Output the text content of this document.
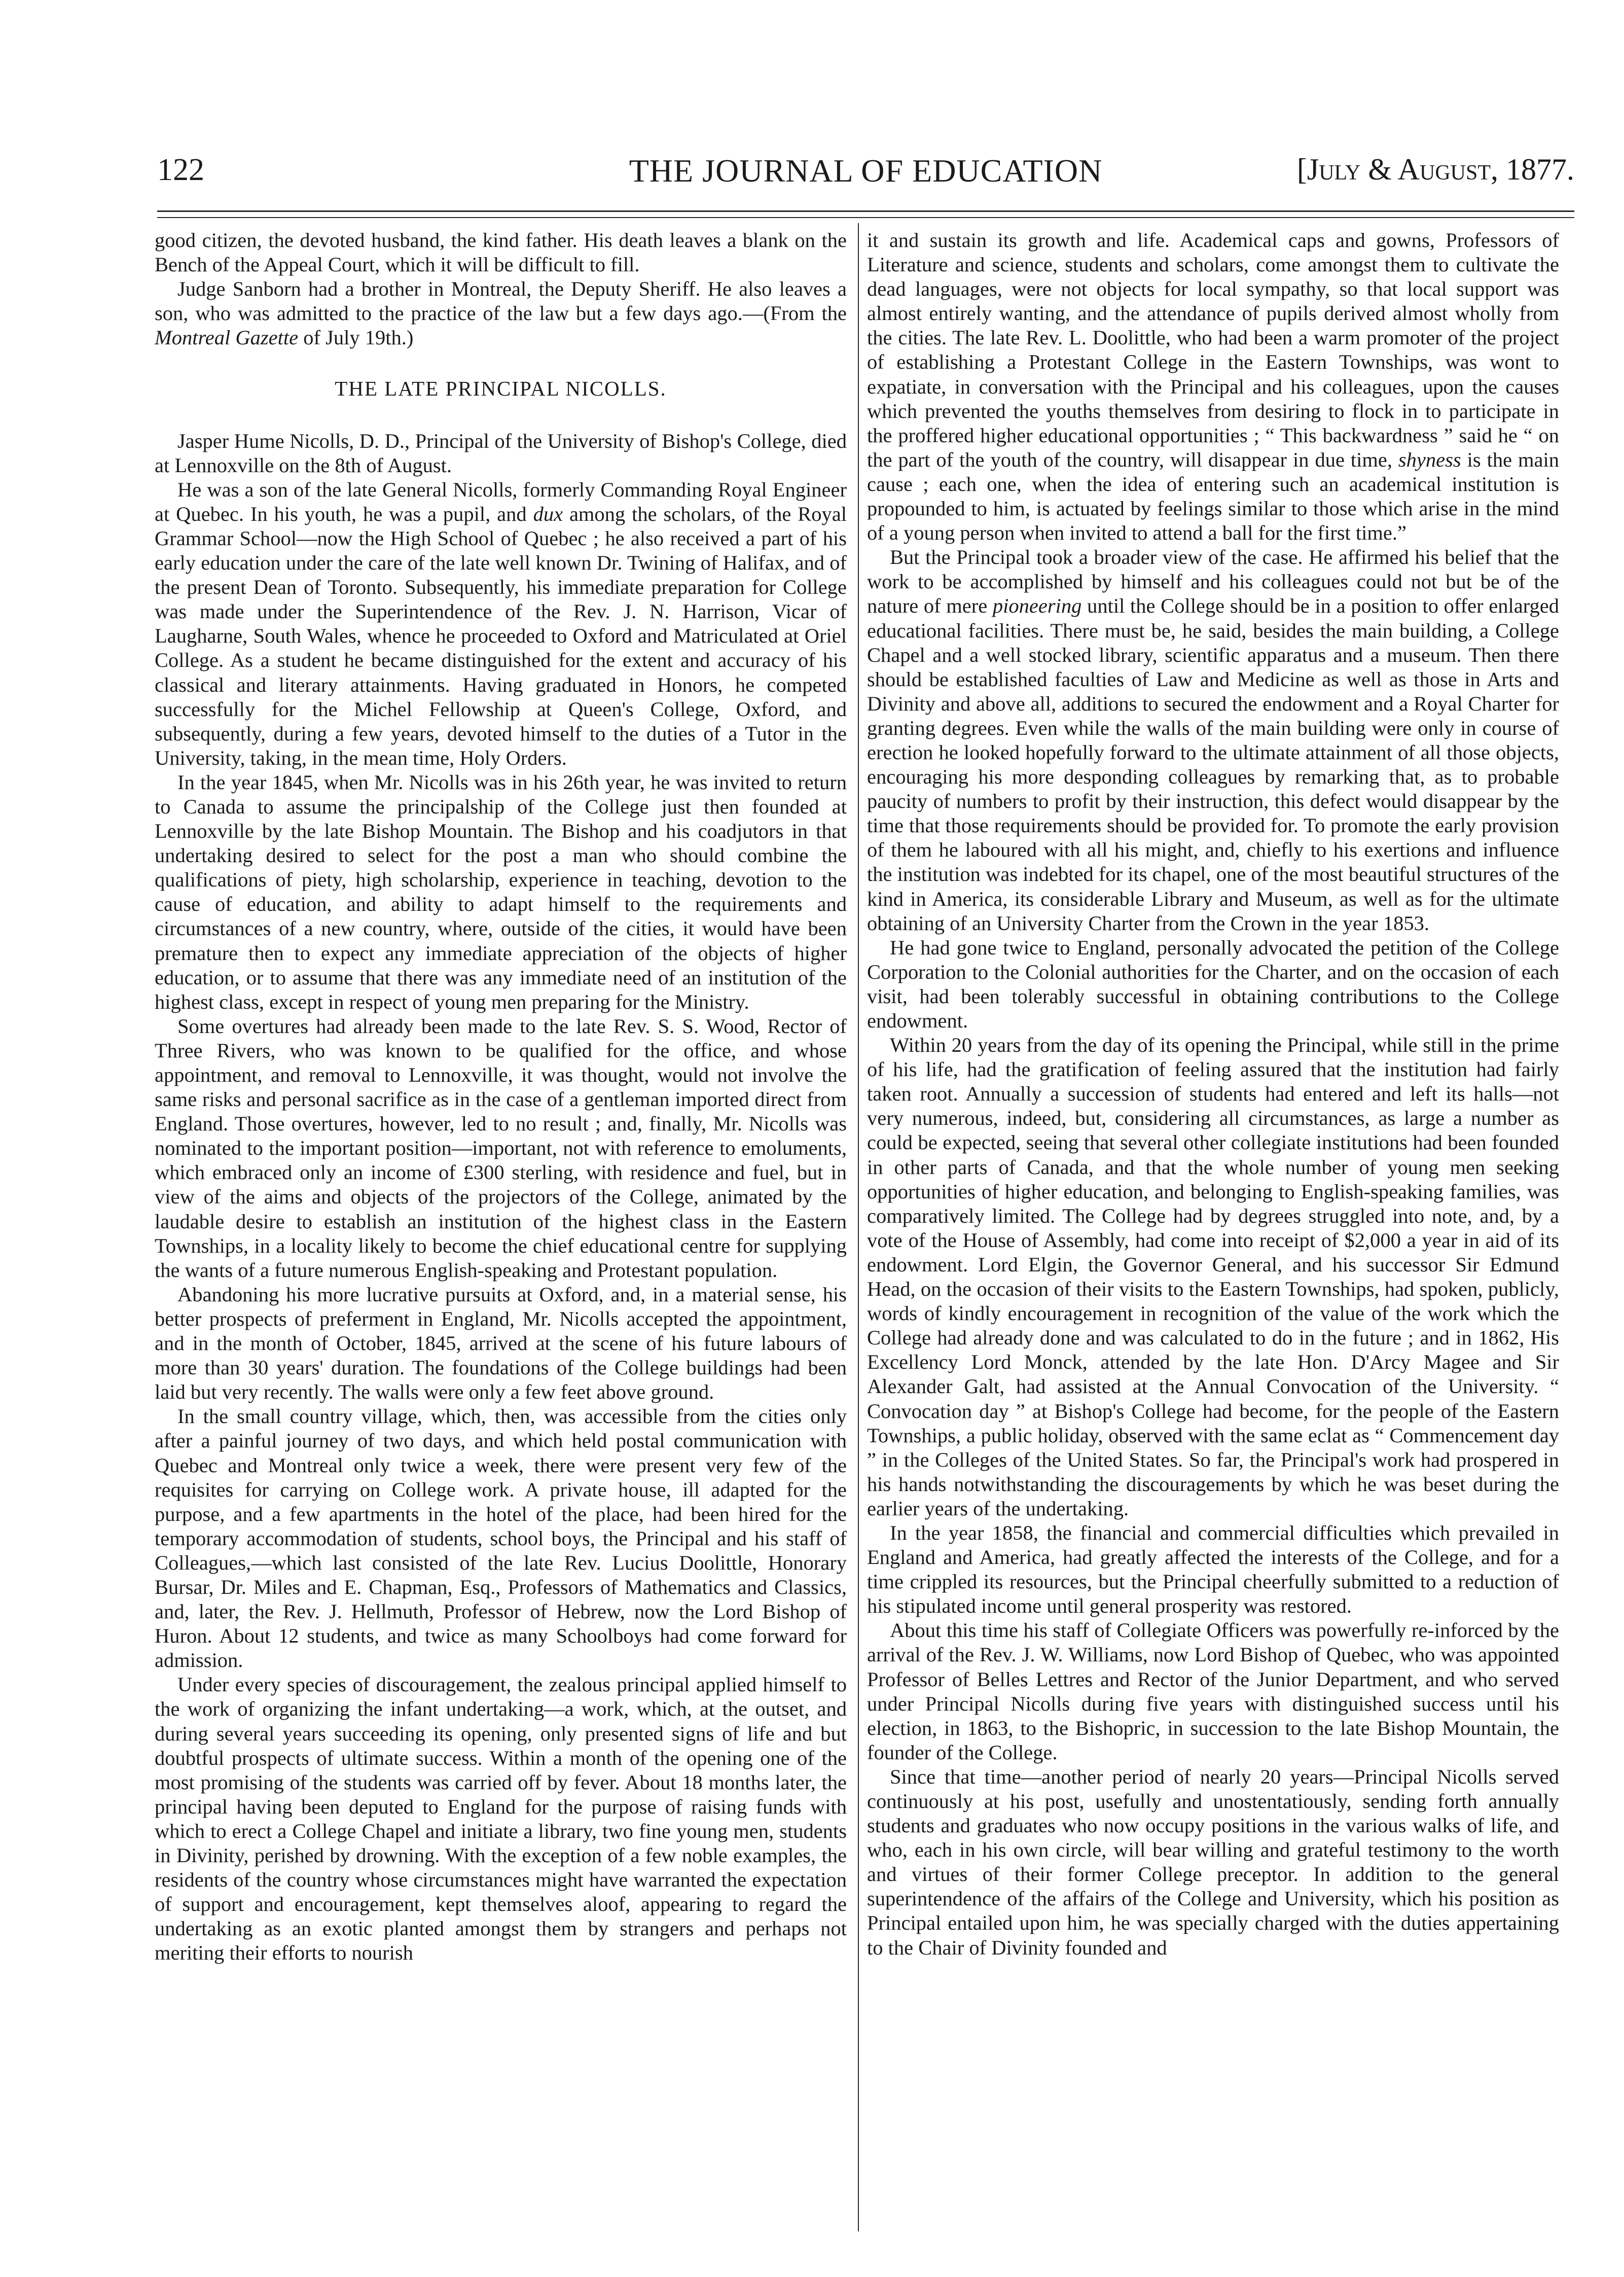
122	THE JOURNAL OF EDUCATION	[July & August, 1877.

good citizen, the devoted husband, the kind father. His death leaves a blank on the Bench of the Appeal Court, which it will be difficult to fill.

Judge Sanborn had a brother in Montreal, the Deputy Sheriff. He also leaves a son, who was admitted to the practice of the law but a few days ago.—(From the Montreal Gazette of July 19th.)

THE LATE PRINCIPAL NICOLLS.

Jasper Hume Nicolls, D. D., Principal of the University of Bishop's College, died at Lennoxville on the 8th of August.

He was a son of the late General Nicolls, formerly Commanding Royal Engineer at Quebec. In his youth, he was a pupil, and dux among the scholars, of the Royal Grammar School—now the High School of Quebec ; he also received a part of his early education under the care of the late well known Dr. Twining of Halifax, and of the present Dean of Toronto. Subsequently, his immediate preparation for College was made under the Superintendence of the Rev. J. N. Harrison, Vicar of Laugharne, South Wales, whence he proceeded to Oxford and Matriculated at Oriel College. As a student he became distinguished for the extent and accuracy of his classical and literary attainments. Having graduated in Honors, he competed successfully for the Michel Fellowship at Queen's College, Oxford, and subsequently, during a few years, devoted himself to the duties of a Tutor in the University, taking, in the mean time, Holy Orders.

In the year 1845, when Mr. Nicolls was in his 26th year, he was invited to return to Canada to assume the principalship of the College just then founded at Lennoxville by the late Bishop Mountain. The Bishop and his coadjutors in that undertaking desired to select for the post a man who should combine the qualifications of piety, high scholarship, experience in teaching, devotion to the cause of education, and ability to adapt himself to the requirements and circumstances of a new country, where, outside of the cities, it would have been premature then to expect any immediate appreciation of the objects of higher education, or to assume that there was any immediate need of an institution of the highest class, except in respect of young men preparing for the Ministry.

Some overtures had already been made to the late Rev. S. S. Wood, Rector of Three Rivers, who was known to be qualified for the office, and whose appointment, and removal to Lennoxville, it was thought, would not involve the same risks and personal sacrifice as in the case of a gentleman imported direct from England. Those overtures, however, led to no result ; and, finally, Mr. Nicolls was nominated to the important position—important, not with reference to emoluments, which embraced only an income of £300 sterling, with residence and fuel, but in view of the aims and objects of the projectors of the College, animated by the laudable desire to establish an institution of the highest class in the Eastern Townships, in a locality likely to become the chief educational centre for supplying the wants of a future numerous English-speaking and Protestant population.

Abandoning his more lucrative pursuits at Oxford, and, in a material sense, his better prospects of preferment in England, Mr. Nicolls accepted the appointment, and in the month of October, 1845, arrived at the scene of his future labours of more than 30 years' duration. The foundations of the College buildings had been laid but very recently. The walls were only a few feet above ground.

In the small country village, which, then, was accessible from the cities only after a painful journey of two days, and which held postal communication with Quebec and Montreal only twice a week, there were present very few of the requisites for carrying on College work. A private house, ill adapted for the purpose, and a few apartments in the hotel of the place, had been hired for the temporary accommodation of students, school boys, the Principal and his staff of Colleagues,—which last consisted of the late Rev. Lucius Doolittle, Honorary Bursar, Dr. Miles and E. Chapman, Esq., Professors of Mathematics and Classics, and, later, the Rev. J. Hellmuth, Professor of Hebrew, now the Lord Bishop of Huron. About 12 students, and twice as many Schoolboys had come forward for admission.

Under every species of discouragement, the zealous principal applied himself to the work of organizing the infant undertaking—a work, which, at the outset, and during several years succeeding its opening, only presented signs of life and but doubtful prospects of ultimate success. Within a month of the opening one of the most promising of the students was carried off by fever. About 18 months later, the principal having been deputed to England for the purpose of raising funds with which to erect a College Chapel and initiate a library, two fine young men, students in Divinity, perished by drowning. With the exception of a few noble examples, the residents of the country whose circumstances might have warranted the expectation of support and encouragement, kept themselves aloof, appearing to regard the undertaking as an exotic planted amongst them by strangers and perhaps not meriting their efforts to nourish

it and sustain its growth and life. Academical caps and gowns, Professors of Literature and science, students and scholars, come amongst them to cultivate the dead languages, were not objects for local sympathy, so that local support was almost entirely wanting, and the attendance of pupils derived almost wholly from the cities. The late Rev. L. Doolittle, who had been a warm promoter of the project of establishing a Protestant College in the Eastern Townships, was wont to expatiate, in conversation with the Principal and his colleagues, upon the causes which prevented the youths themselves from desiring to flock in to participate in the proffered higher educational opportunities ; “ This backwardness ” said he “ on the part of the youth of the country, will disappear in due time, shyness is the main cause ; each one, when the idea of entering such an academical institution is propounded to him, is actuated by feelings similar to those which arise in the mind of a young person when invited to attend a ball for the first time.”

But the Principal took a broader view of the case. He affirmed his belief that the work to be accomplished by himself and his colleagues could not but be of the nature of mere pioneering until the College should be in a position to offer enlarged educational facilities. There must be, he said, besides the main building, a College Chapel and a well stocked library, scientific apparatus and a museum. Then there should be established faculties of Law and Medicine as well as those in Arts and Divinity and above all, additions to secured the endowment and a Royal Charter for granting degrees. Even while the walls of the main building were only in course of erection he looked hopefully forward to the ultimate attainment of all those objects, encouraging his more desponding colleagues by remarking that, as to probable paucity of numbers to profit by their instruction, this defect would disappear by the time that those requirements should be provided for. To promote the early provision of them he laboured with all his might, and, chiefly to his exertions and influence the institution was indebted for its chapel, one of the most beautiful structures of the kind in America, its considerable Library and Museum, as well as for the ultimate obtaining of an University Charter from the Crown in the year 1853.

He had gone twice to England, personally advocated the petition of the College Corporation to the Colonial authorities for the Charter, and on the occasion of each visit, had been tolerably successful in obtaining contributions to the College endowment.

Within 20 years from the day of its opening the Principal, while still in the prime of his life, had the gratification of feeling assured that the institution had fairly taken root. Annually a succession of students had entered and left its halls—not very numerous, indeed, but, considering all circumstances, as large a number as could be expected, seeing that several other collegiate institutions had been founded in other parts of Canada, and that the whole number of young men seeking opportunities of higher education, and belonging to English-speaking families, was comparatively limited. The College had by degrees struggled into note, and, by a vote of the House of Assembly, had come into receipt of $2,000 a year in aid of its endowment. Lord Elgin, the Governor General, and his successor Sir Edmund Head, on the occasion of their visits to the Eastern Townships, had spoken, publicly, words of kindly encouragement in recognition of the value of the work which the College had already done and was calculated to do in the future ; and in 1862, His Excellency Lord Monck, attended by the late Hon. D'Arcy Magee and Sir Alexander Galt, had assisted at the Annual Convocation of the University. “ Convocation day ” at Bishop's College had become, for the people of the Eastern Townships, a public holiday, observed with the same eclat as “ Commencement day ” in the Colleges of the United States. So far, the Principal's work had prospered in his hands notwithstanding the discouragements by which he was beset during the earlier years of the undertaking.

In the year 1858, the financial and commercial difficulties which prevailed in England and America, had greatly affected the interests of the College, and for a time crippled its resources, but the Principal cheerfully submitted to a reduction of his stipulated income until general prosperity was restored.

About this time his staff of Collegiate Officers was powerfully re-inforced by the arrival of the Rev. J. W. Williams, now Lord Bishop of Quebec, who was appointed Professor of Belles Lettres and Rector of the Junior Department, and who served under Principal Nicolls during five years with distinguished success until his election, in 1863, to the Bishopric, in succession to the late Bishop Mountain, the founder of the College.

Since that time—another period of nearly 20 years—Principal Nicolls served continuously at his post, usefully and unostentatiously, sending forth annually students and graduates who now occupy positions in the various walks of life, and who, each in his own circle, will bear willing and grateful testimony to the worth and virtues of their former College preceptor. In addition to the general superintendence of the affairs of the College and University, which his position as Principal entailed upon him, he was specially charged with the duties appertaining to the Chair of Divinity founded and
